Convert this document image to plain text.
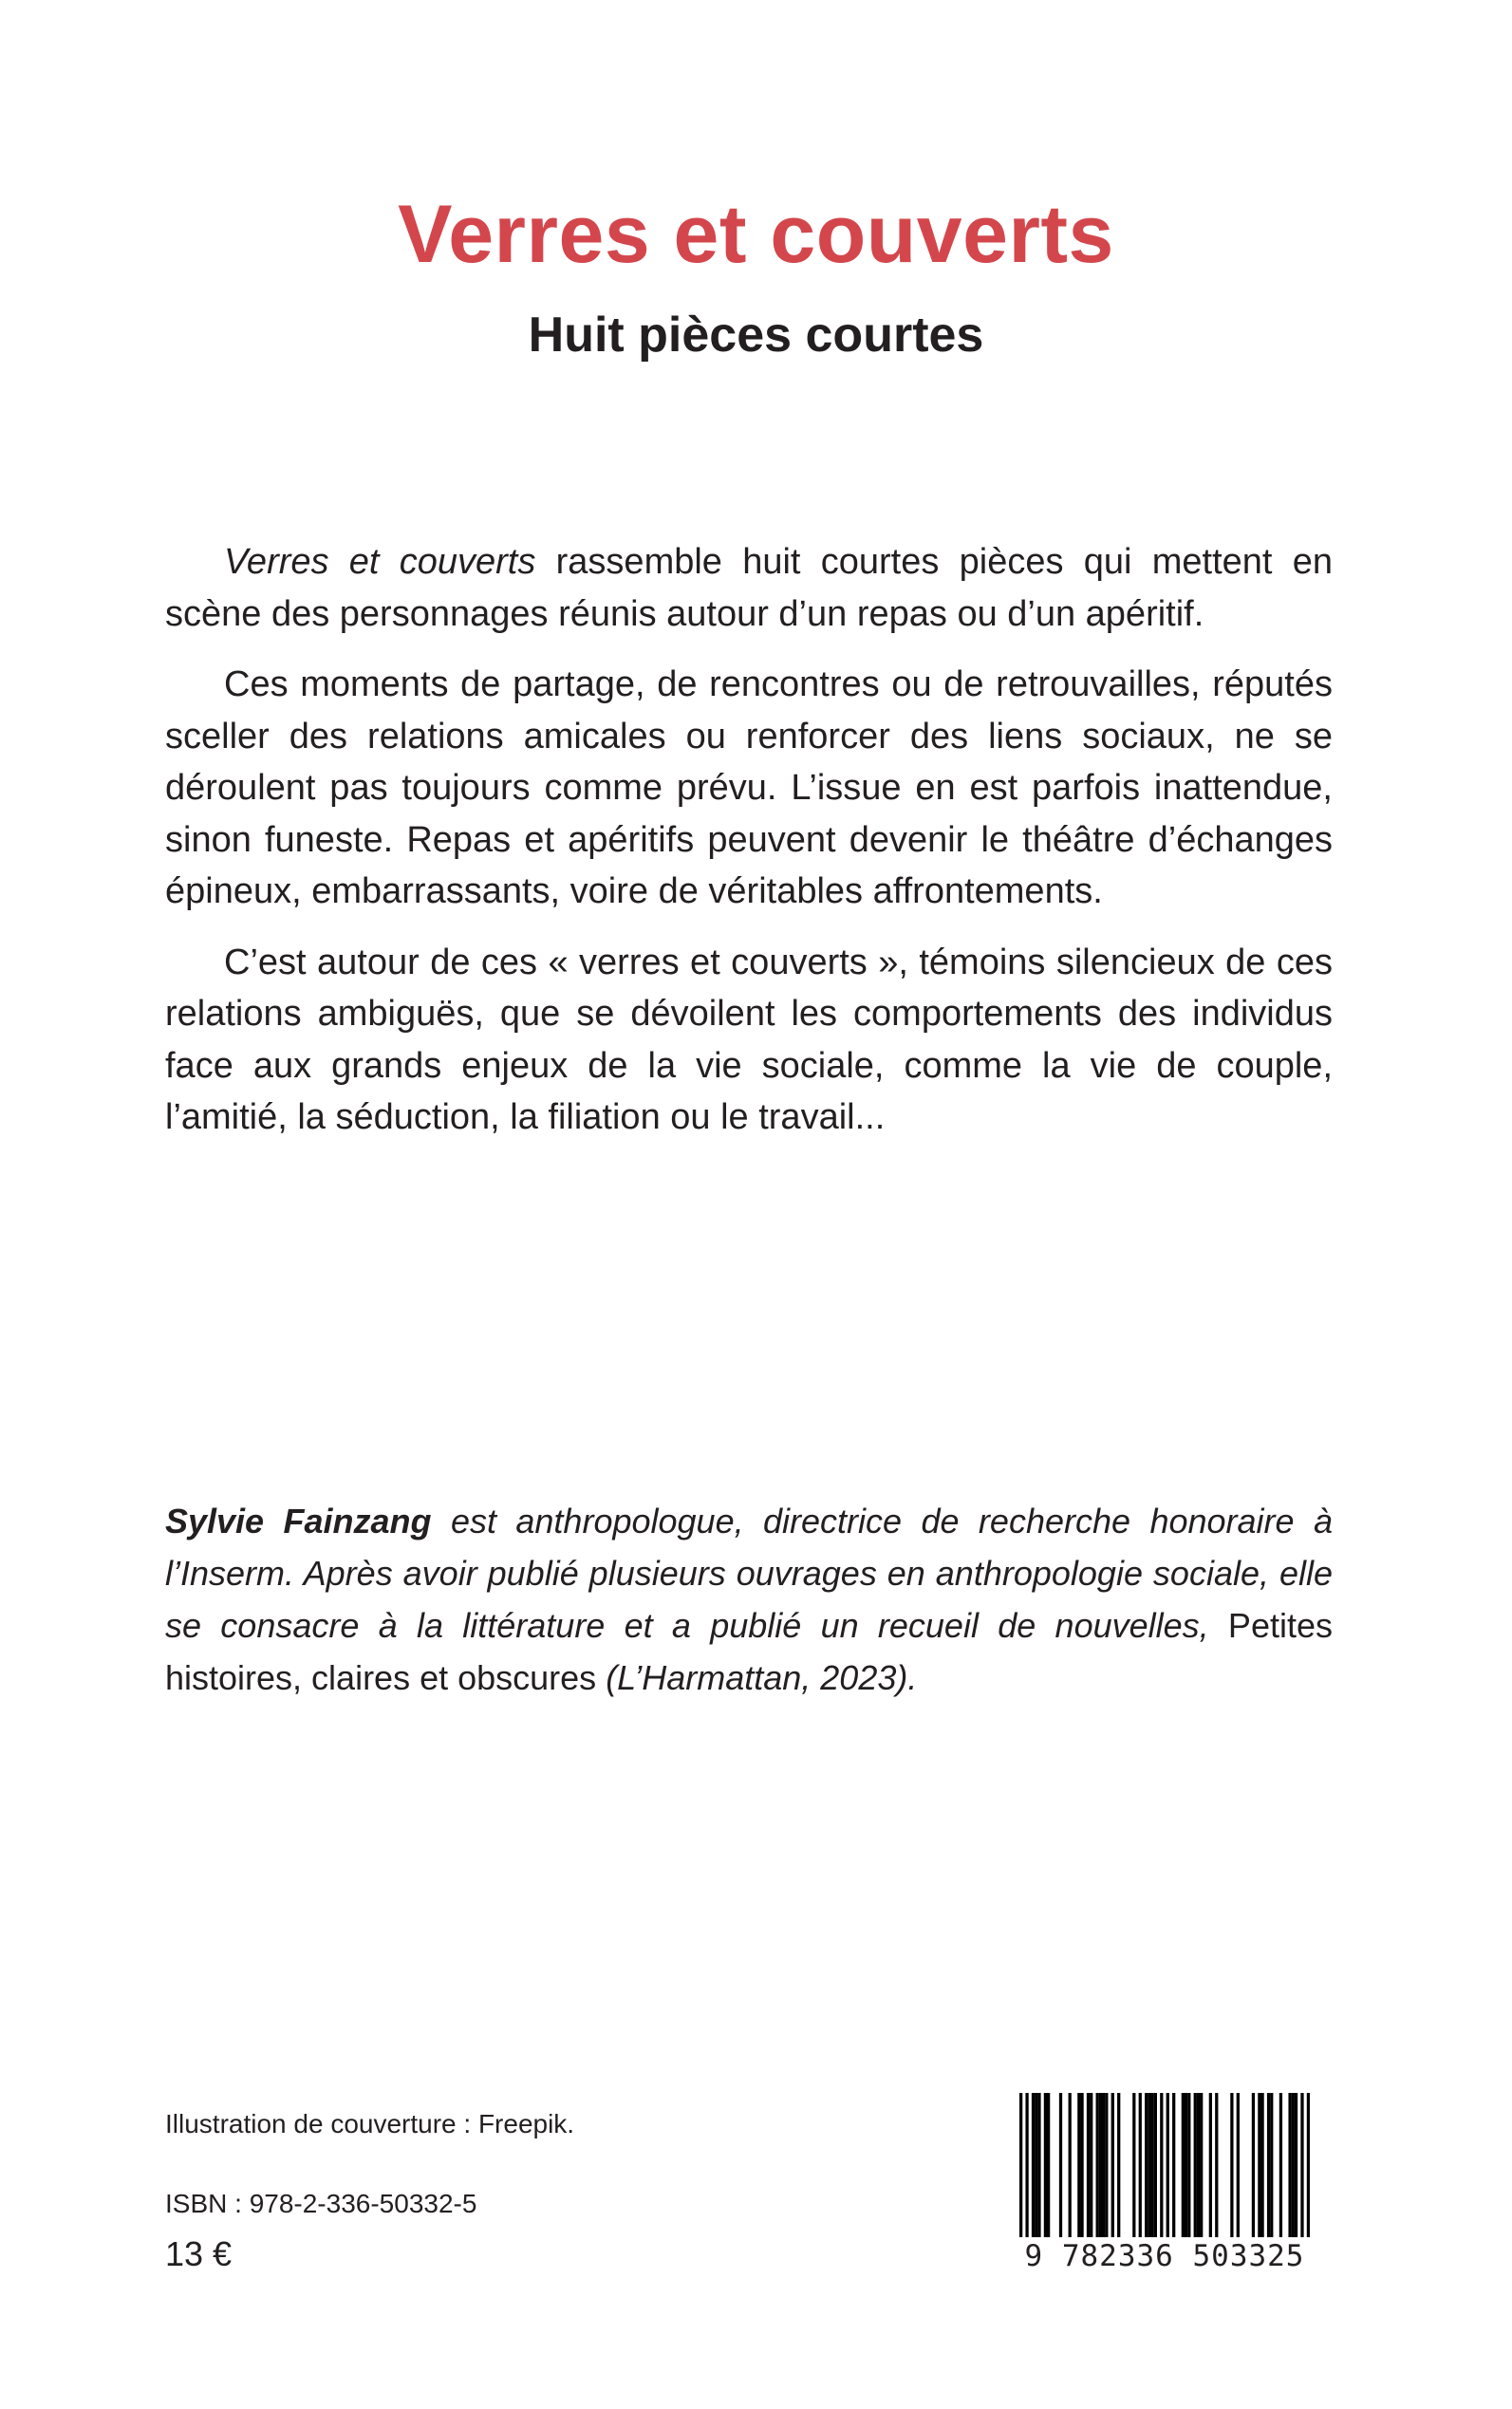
Verres et couverts
Huit pièces courtes

Verres et couverts rassemble huit courtes pièces qui mettent en scène des personnages réunis autour d’un repas ou d’un apéritif.

Ces moments de partage, de rencontres ou de retrouvailles, réputés sceller des relations amicales ou renforcer des liens sociaux, ne se déroulent pas toujours comme prévu. L’issue en est parfois inattendue, sinon funeste. Repas et apéritifs peuvent devenir le théâtre d’échanges épineux, embarrassants, voire de véritables affrontements.

C’est autour de ces « verres et couverts », témoins silencieux de ces relations ambiguës, que se dévoilent les comportements des individus face aux grands enjeux de la vie sociale, comme la vie de couple, l’amitié, la séduction, la filiation ou le travail...

Sylvie Fainzang est anthropologue, directrice de recherche honoraire à l’Inserm. Après avoir publié plusieurs ouvrages en anthropologie sociale, elle se consacre à la littérature et a publié un recueil de nouvelles, Petites histoires, claires et obscures (L’Harmattan, 2023).
Illustration de couverture : Freepik.
ISBN : 978-2-336-50332-5
13 €	9 782336 503325
